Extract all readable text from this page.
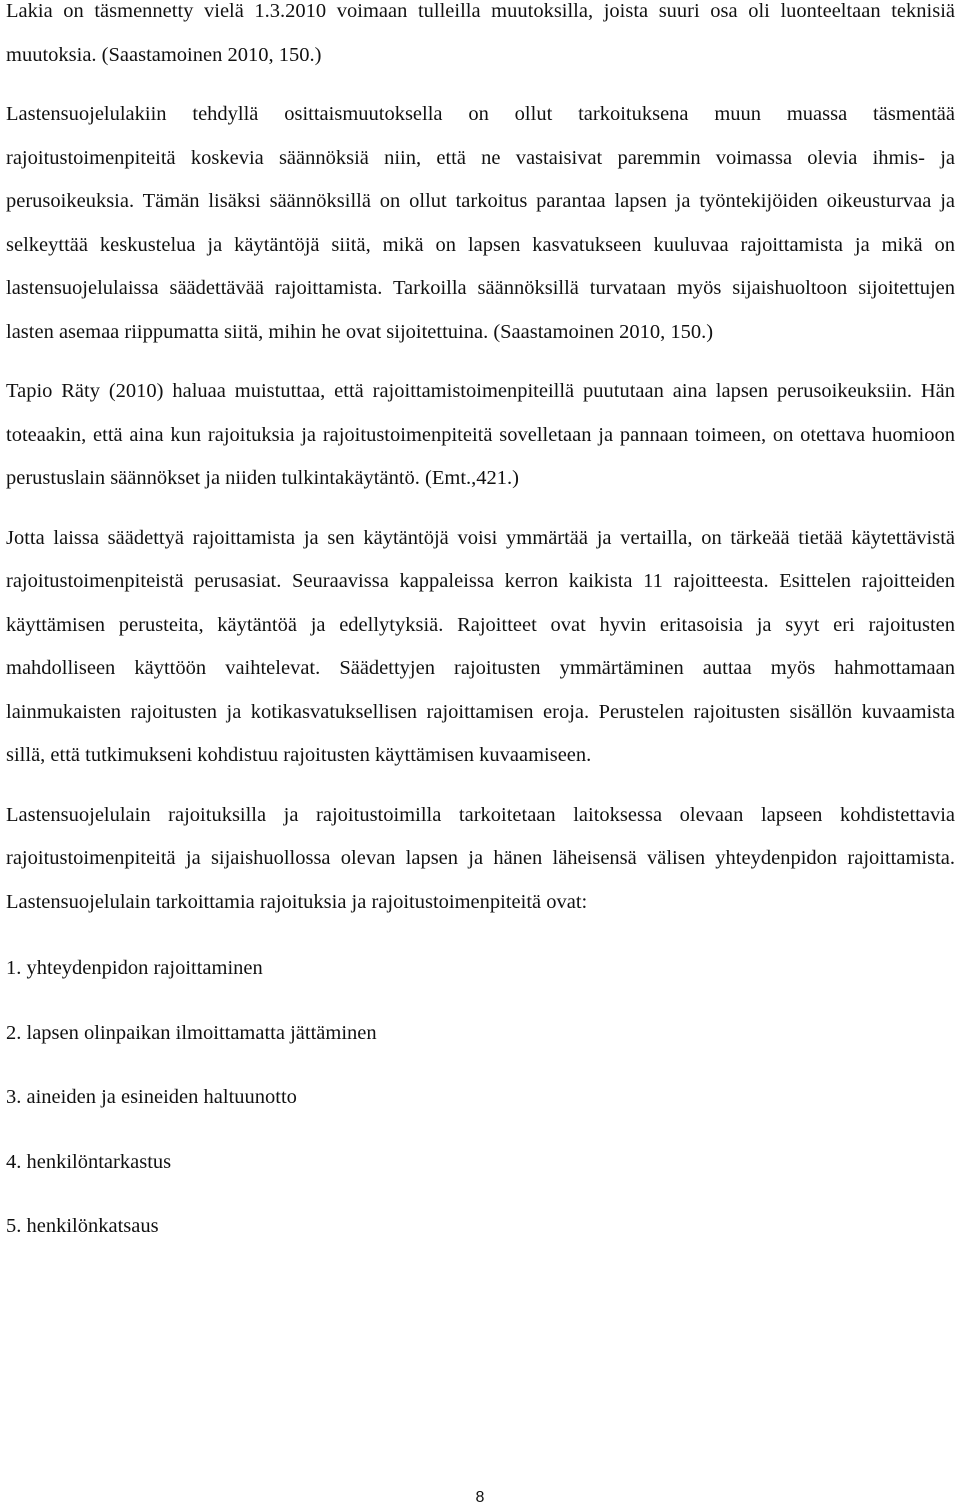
Lakia on täsmennetty vielä 1.3.2010 voimaan tulleilla muutoksilla, joista suuri osa oli luonteeltaan teknisiä muutoksia. (Saastamoinen 2010, 150.)

Lastensuojelulakiin tehdyllä osittaismuutoksella on ollut tarkoituksena muun muassa täsmentää rajoitustoimenpiteitä koskevia säännöksiä niin, että ne vastaisivat paremmin voimassa olevia ihmis- ja perusoikeuksia. Tämän lisäksi säännöksillä on ollut tarkoitus parantaa lapsen ja työntekijöiden oikeusturvaa ja selkeyttää keskustelua ja käytäntöjä siitä, mikä on lapsen kasvatukseen kuuluvaa rajoittamista ja mikä on lastensuojelulaissa säädettävää rajoittamista. Tarkoilla säännöksillä turvataan myös sijaishuoltoon sijoitettujen lasten asemaa riippumatta siitä, mihin he ovat sijoitettuina. (Saastamoinen 2010, 150.)

Tapio Räty (2010) haluaa muistuttaa, että rajoittamistoimenpiteillä puututaan aina lapsen perusoikeuksiin. Hän toteaakin, että aina kun rajoituksia ja rajoitustoimenpiteitä sovelletaan ja pannaan toimeen, on otettava huomioon perustuslain säännökset ja niiden tulkintakäytäntö. (Emt.,421.)

Jotta laissa säädettyä rajoittamista ja sen käytäntöjä voisi ymmärtää ja vertailla, on tärkeää tietää käytettävistä rajoitustoimenpiteistä perusasiat. Seuraavissa kappaleissa kerron kaikista 11 rajoitteesta. Esittelen rajoitteiden käyttämisen perusteita, käytäntöä ja edellytyksiä. Rajoitteet ovat hyvin eritasoisia ja syyt eri rajoitusten mahdolliseen käyttöön vaihtelevat. Säädettyjen rajoitusten ymmärtäminen auttaa myös hahmottamaan lainmukaisten rajoitusten ja kotikasvatuksellisen rajoittamisen eroja. Perustelen rajoitusten sisällön kuvaamista sillä, että tutkimukseni kohdistuu rajoitusten käyttämisen kuvaamiseen.

Lastensuojelulain rajoituksilla ja rajoitustoimilla tarkoitetaan laitoksessa olevaan lapseen kohdistettavia rajoitustoimenpiteitä ja sijaishuollossa olevan lapsen ja hänen läheisensä välisen yhteydenpidon rajoittamista. Lastensuojelulain tarkoittamia rajoituksia ja rajoitustoimenpiteitä ovat:

1. yhteydenpidon rajoittaminen
2. lapsen olinpaikan ilmoittamatta jättäminen
3. aineiden ja esineiden haltuunotto
4. henkilöntarkastus
5. henkilönkatsaus
8
